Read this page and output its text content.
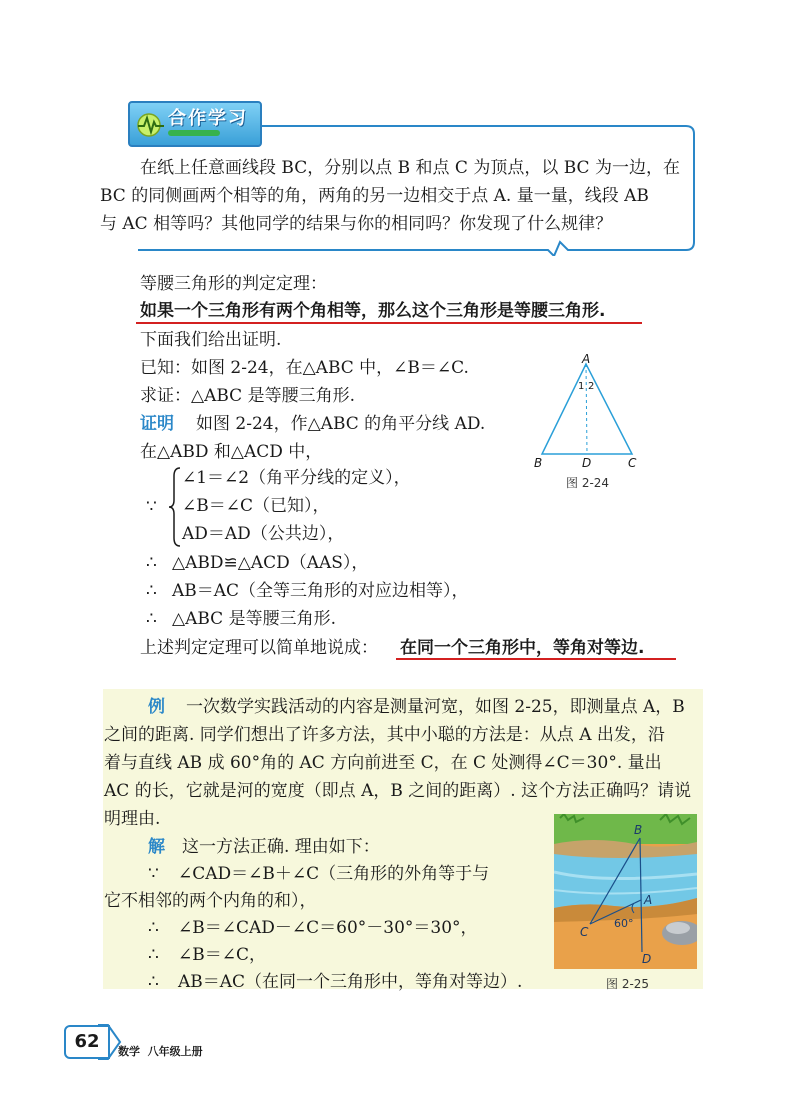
合作学习
在纸上任意画线段 BC，分别以点 B 和点 C 为顶点，以 BC 为一边，在
BC 的同侧画两个相等的角，两角的另一边相交于点 A. 量一量，线段 AB
与 AC 相等吗？其他同学的结果与你的相同吗？你发现了什么规律？
等腰三角形的判定定理：
如果一个三角形有两个角相等，那么这个三角形是等腰三角形.
下面我们给出证明.
已知：如图 2-24，在△ABC 中，∠B＝∠C.
求证：△ABC 是等腰三角形.
证明 如图 2-24，作△ABC 的角平分线 AD.
在△ABD 和△ACD 中，
∵
∠1＝∠2（角平分线的定义），
∠B＝∠C（已知），
AD＝AD（公共边），
∴ △ABD≌△ACD（AAS），
∴ AB＝AC（全等三角形的对应边相等），
∴ △ABC 是等腰三角形.
上述判定定理可以简单地说成： 在同一个三角形中，等角对等边.
A
1 2
B	D	C
图 2-24
例 一次数学实践活动的内容是测量河宽，如图 2-25，即测量点 A，B
之间的距离. 同学们想出了许多方法，其中小聪的方法是：从点 A 出发，沿
着与直线 AB 成 60°角的 AC 方向前进至 C，在 C 处测得∠C＝30°. 量出
AC 的长，它就是河的宽度（即点 A，B 之间的距离）. 这个方法正确吗？请说
明理由.
解 这一方法正确. 理由如下：
∵ ∠CAD＝∠B＋∠C（三角形的外角等于与
它不相邻的两个内角的和），
∴ ∠B＝∠CAD－∠C＝60°－30°＝30°，
∴ ∠B＝∠C，
∴ AB＝AC（在同一个三角形中，等角对等边）.
B
A
60°
C
D
图 2-25
62	数学  八年级上册
